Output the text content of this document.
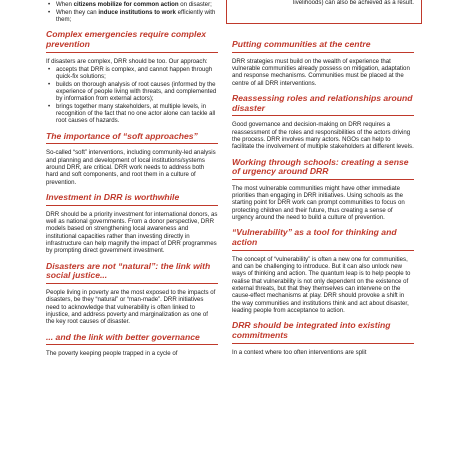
livelihoods) can also be achieved as a result.
•
• When citizens mobilize for common action on disaster;
• When they can induce institutions to work efficiently with them;
Complex emergencies require complex prevention
If disasters are complex, DRR should be too. Our approach:
• accepts that DRR is complex, and cannot happen through quick-fix solutions;
• builds on thorough analysis of root causes (informed by the experience of people living with threats, and complemented by information from external actors);
• brings together many stakeholders, at multiple levels, in recognition of the fact that no one actor alone can tackle all root causes of hazards.
The importance of “soft approaches”
So-called “soft” interventions, including community-led analysis and planning and development of local institutions/systems around DRR, are critical. DRR work needs to address both hard and soft components, and root them in a culture of prevention.
Investment in DRR is worthwhile
DRR should be a priority investment for international donors, as well as national governments. From a donor perspective, DRR models based on strengthening local awareness and institutional capacities rather than investing directly in infrastructure can help magnify the impact of DRR programmes by prompting direct government investment.
Disasters are not “natural”: the link with social justice...
People living in poverty are the most exposed to the impacts of disasters, be they “natural” or “man-made”. DRR initiatives need to acknowledge that vulnerability is often linked to injustice, and address poverty and marginalization as one of the key root causes of disaster.
... and the link with better governance
The poverty keeping people trapped in a cycle of
Putting communities at the centre
DRR strategies must build on the wealth of experience that vulnerable communities already possess on mitigation, adaptation and response mechanisms. Communities must be placed at the centre of all DRR interventions.
Reassessing roles and relationships around disaster
Good governance and decision-making on DRR requires a reassessment of the roles and responsibilities of the actors driving the process. DRR involves many actors. NGOs can help to facilitate the involvement of multiple stakeholders at different levels.
Working through schools: creating a sense of urgency around DRR
The most vulnerable communities might have other immediate priorities than engaging in DRR initiatives. Using schools as the starting point for DRR work can prompt communities to focus on protecting children and their future, thus creating a sense of urgency around the need to build a culture of prevention.
“Vulnerability” as a tool for thinking and action
The concept of “vulnerability” is often a new one for communities, and can be challenging to introduce. But it can also unlock new ways of thinking and action. The quantum leap is to help people to realise that vulnerability is not only dependent on the existence of external threats, but that they themselves can intervene on the cause-effect mechanisms at play. DRR should provoke a shift in the way communities and institutions think and act about disaster, leading people from acceptance to action.
DRR should be integrated into existing commitments
In a context where too often interventions are split
